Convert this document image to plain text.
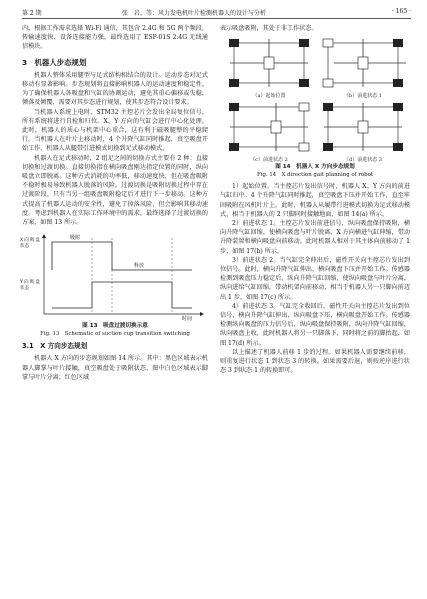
第 2 期	张　岩，等：风力发电机叶片检测机器人的设计与分析	· 165 ·

内，根据工作需求选择 Wi-Fi 通信，其包含 2.4G 和 5G 两个频段，传输速度快、设备连接能力强，最终选用了 ESP-01S 2.4G 无线通信模块。

3　机器人步态规划

机器人整体采用腿型与足式结构相结合的设计。运动步态对足式移动有显著影响。步态规划将直接影响机器人的运动速度和稳定性。为了确保机器人各吸盘和气缸的协调运动，避免其重心偏移或失稳，倾落及倾覆，需要对其步态进行规划，使其步态符合设计要求。

当机器人系统上电时，STM32 主控芯片会发出全局复位信号，所有系统将进行自检和归位。X、Y 方向的气缸会进行中心化处理。此时，机器人的质心与机架中心重合，这有利于磁吸腿整的平稳爬行。当机器人在叶片上移动时，4 个升降气缸同时推起，真空吸盘开始工作，机器人从腿带引进模式切换到足式移动模式。

机器人在足式移动时，2 组足之间的切换方式主要有 2 种：直接切换和过渡切换。直接切换指在横向吸盘刚达指定位置的同时，纵向吸盘立即脱离。这种方式消耗的功率低，移动速度快，但在吸盘吸附不稳时极易导致机器人脱落的风险。过渡切换是吸附切换过程中存在过渡阶段，只有当另一组吸盘吸附稳定后才进行下一步移动。这种方式提高了机器人运动的安全性，避免了掉落风险，但会影响其移动速度。考虑到机器人在实际工作环境中的需求，最终选择了过渡切换的方案，如图 13 所示。

X向吸盘状态
Y向吸盘状态
吸附
释放
时间
图 13　吸盘过渡切换示意
Fig. 13　Schematic of suction cup transition switching
3.1　X 方向步态规划

机器人 X 方向的步态规划如图 14 所示。其中：黑色区域表示机器人脚掌与叶片接触，真空吸盘处于吸附状态，图中白色区域表示脚掌与叶片分离；红色区域

表示吸盘吸附，其处于非工作状态。

（a）起始位置	（b）前进状态 1
（c）前进状态 2	（d）前进状态 3
图 14　机器人 X 方向步态规划
Fig. 14　X direction gait planning of robot

1）起始位置。当主控芯片发出信号时，机器人 X、Y 方向的前进气缸归中。4 个升降气缸同时推起，真空吸盘下压并开始工作，直至牢固吸附在风机叶片上。此时，机器人从履带行进模式切换为足式移动模式，相当于机器人的 2 只脚同时接触地面，如图 14(a) 所示。

2）前进状态 1。主控芯片发出前进信号，纵向吸盘保持吸附，横向升降气缸回缩，使横向吸盘与叶片脱离，X 方向横进气缸伸缩，带动升降装置和横向吸盘向前移动。此时机器人相对于其主体向前移动了 1 步，如图 17(b) 所示。

3）前进状态 2。当气缸完全伸出后，磁性开关向主控芯片发出到位信号。此时，横向升降气缸伸出，横向吸盘下压并开始工作。传感器检测到吸盘压力稳定后，纵向升降气缸回缩，使纵向吸盘与叶片分离，纵向进给气缸回缩，带动机架向前移动，相当于机器人另一只脚向前迈出 1 步，如图 17(c) 所示。

4）前进状态 3。气缸完全收回后，磁性开关向主控芯片发出到位信号，横向升降气缸伸出，纵向吸盘下压，横向吸盘开始工作。传感器检测纵向吸盘的压力信号后，纵向吸盘保持吸附，纵向升降气缸回缩，纵向吸盘上收，此时机器人将另一只脚落下，同时将之前的脚抬起，如图 17(d) 所示。

以上描述了机器人前移 1 步的过程。如果机器人需要继续前移，则重复进行状态 1 到状态 3 的转换。如果需要后退，则按逆序进行状态 3 到状态 1 的转换即可。
